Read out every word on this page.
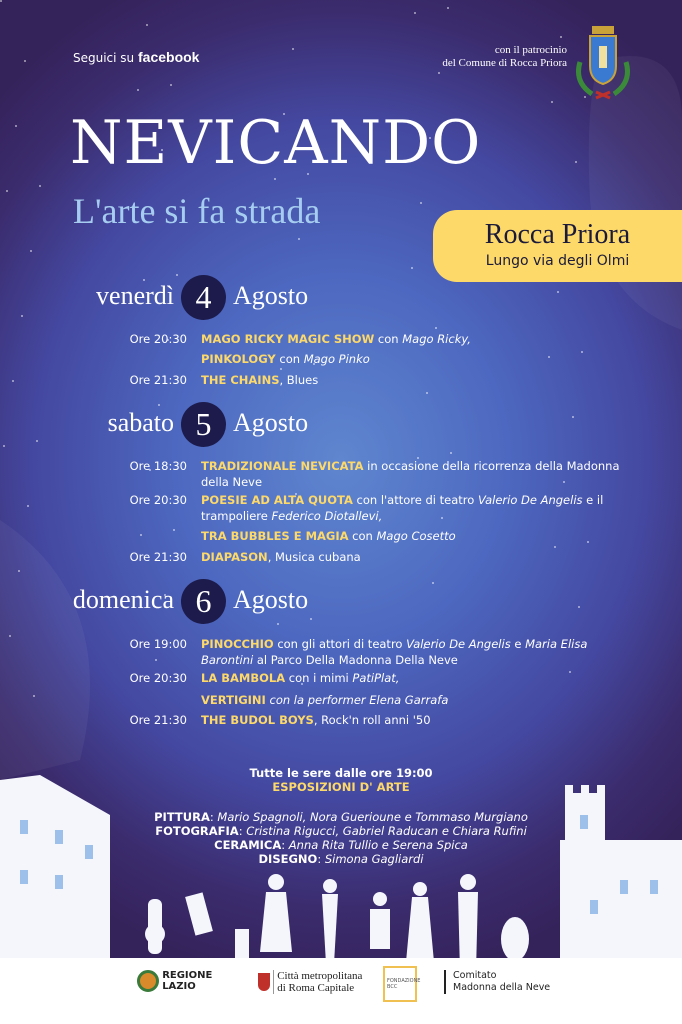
Seguici su facebook	con il patrocinio
del Comune di Rocca Priora
NEVICANDO
L'arte si fa strada
Rocca Priora
Lungo via degli Olmi
venerdì 4 Agosto
Ore 20:30 MAGO RICKY MAGIC SHOW con Mago Ricky,
PINKOLOGY con Mago Pinko
Ore 21:30 THE CHAINS, Blues
sabato 5 Agosto
Ore 18:30 TRADIZIONALE NEVICATA in occasione della ricorrenza della Madonna della Neve
Ore 20:30 POESIE AD ALTA QUOTA con l'attore di teatro Valerio De Angelis e il trampoliere Federico Diotallevi,
TRA BUBBLES E MAGIA con Mago Cosetto
Ore 21:30 DIAPASON, Musica cubana
domenica 6 Agosto
Ore 19:00 PINOCCHIO con gli attori di teatro Valerio De Angelis e Maria Elisa Barontini al Parco Della Madonna Della Neve
Ore 20:30 LA BAMBOLA con i mimi PatiPlat,
VERTIGINI con la performer Elena Garrafa
Ore 21:30 THE BUDOL BOYS, Rock'n roll anni '50
Tutte le sere dalle ore 19:00
ESPOSIZIONI D' ARTE
PITTURA: Mario Spagnoli, Nora Guerioune e Tommaso Murgiano
FOTOGRAFIA: Cristina Rigucci, Gabriel Raducan e Chiara Rufini
CERAMICA: Anna Rita Tullio e Serena Spica
DISEGNO: Simona Gagliardi
REGIONE
LAZIO
Città metropolitana
di Roma Capitale
FONDAZIONE BCC
Comitato
Madonna della Neve
